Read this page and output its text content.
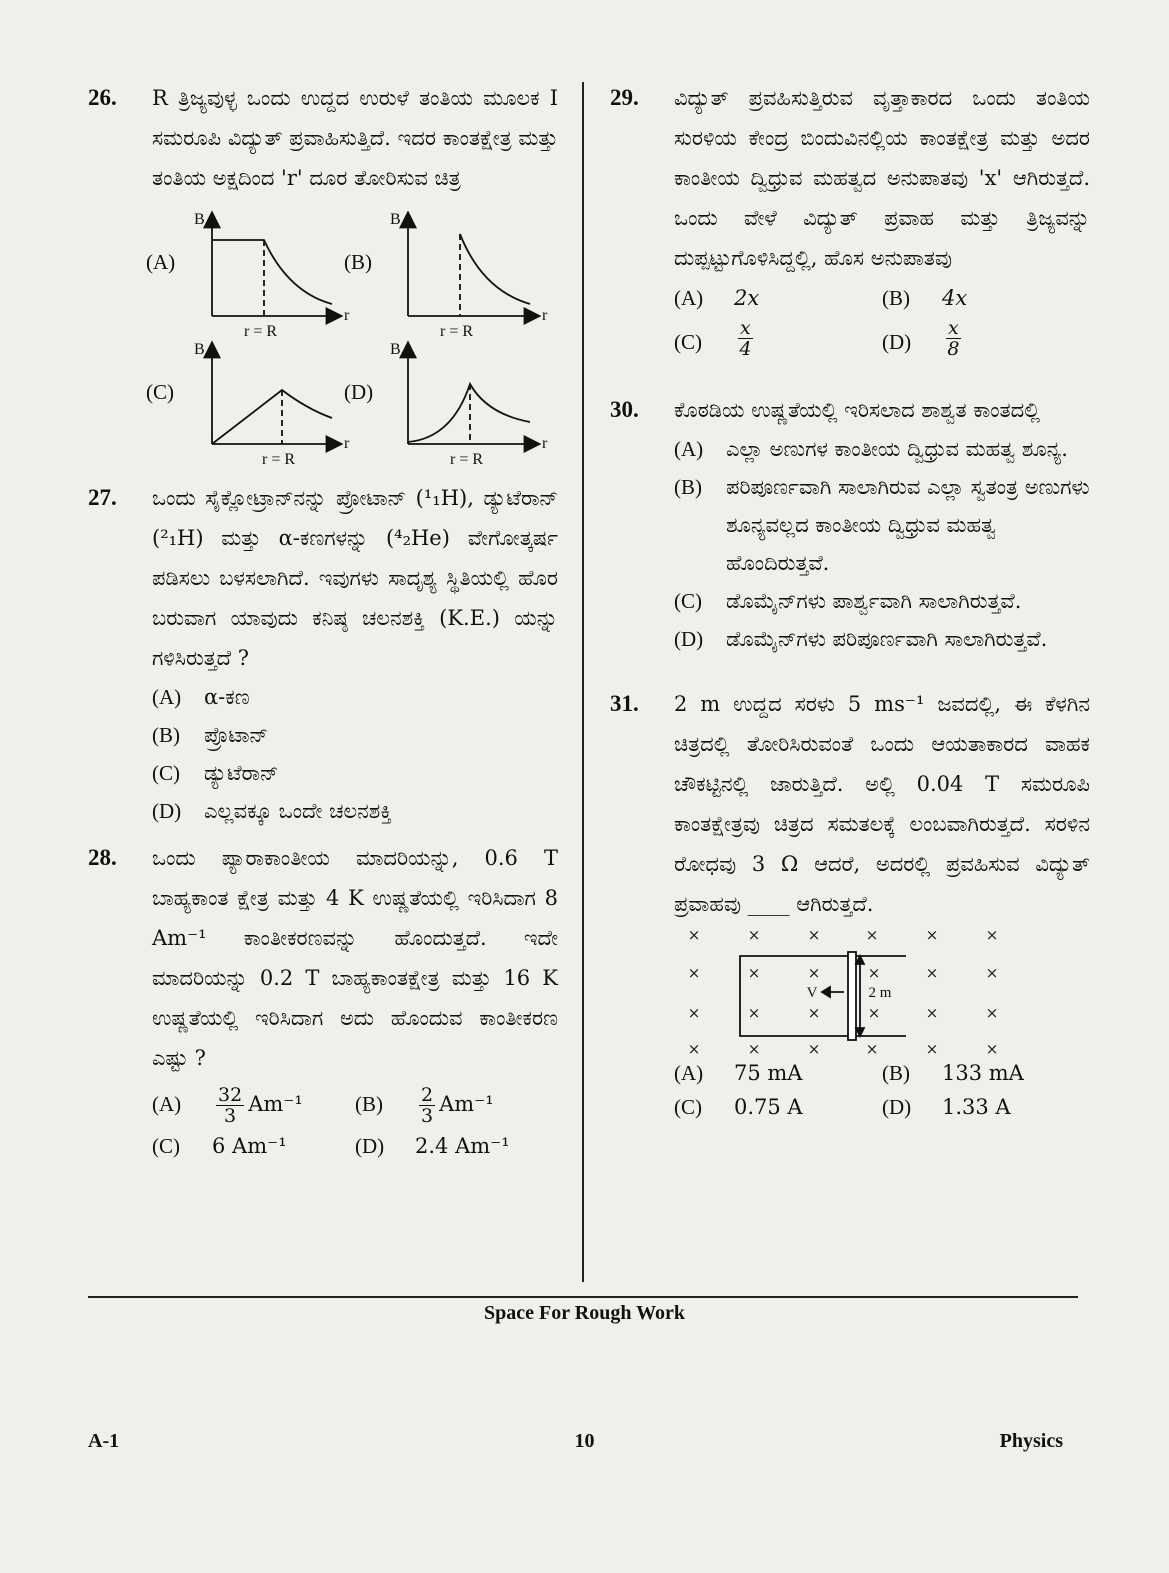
26. R ತ್ರಿಜ್ಯವುಳ್ಳ ಒಂದು ಉದ್ದದ ಉರುಳೆ ತಂತಿಯ ಮೂಲಕ I ಸಮರೂಪಿ ವಿದ್ಯುತ್ ಪ್ರವಾಹಿಸುತ್ತಿದೆ. ಇದರ ಕಾಂತಕ್ಷೇತ್ರ ಮತ್ತು ತಂತಿಯ ಅಕ್ಷದಿಂದ 'r' ದೂರ ತೋರಿಸುವ ಚಿತ್ರ
(A)	(B)
(C)	(D)
B	B
B	B
r	r
r	r
r = R	r = R
r = R	r = R
27. ಒಂದು ಸೈಕ್ಲೋಟ್ರಾನ್‌ನನ್ನು ಪ್ರೋಟಾನ್ (¹₁H), ಡ್ಯುಟೆರಾನ್ (²₁H) ಮತ್ತು α-ಕಣಗಳನ್ನು (⁴₂He) ವೇಗೋತ್ಕರ್ಷ ಪಡಿಸಲು ಬಳಸಲಾಗಿದೆ. ಇವುಗಳು ಸಾದೃಶ್ಯ ಸ್ಥಿತಿಯಲ್ಲಿ ಹೊರ ಬರುವಾಗ ಯಾವುದು ಕನಿಷ್ಠ ಚಲನಶಕ್ತಿ (K.E.) ಯನ್ನು ಗಳಿಸಿರುತ್ತದೆ ?
(A)	α-ಕಣ
(B)	ಪ್ರೊಟಾನ್
(C)	ಡ್ಯುಟೆರಾನ್
(D)	ಎಲ್ಲವಕ್ಕೂ ಒಂದೇ ಚಲನಶಕ್ತಿ
28. ಒಂದು ಪ್ಯಾರಾಕಾಂತೀಯ ಮಾದರಿಯನ್ನು, 0.6 T ಬಾಹ್ಯಕಾಂತ ಕ್ಷೇತ್ರ ಮತ್ತು 4 K ಉಷ್ಣತೆಯಲ್ಲಿ ಇರಿಸಿದಾಗ 8 Am⁻¹ ಕಾಂತೀಕರಣವನ್ನು ಹೊಂದುತ್ತದೆ. ಇದೇ ಮಾದರಿಯನ್ನು 0.2 T ಬಾಹ್ಯಕಾಂತಕ್ಷೇತ್ರ ಮತ್ತು 16 K ಉಷ್ಣತೆಯಲ್ಲಿ ಇರಿಸಿದಾಗ ಅದು ಹೊಂದುವ ಕಾಂತೀಕರಣ ಎಷ್ಟು ?
(A)	$\frac{32}{3} Am^{-1}$ (B)	$\frac{2}{3} Am^{-1}$
(C)	6 Am⁻¹	(D)	2.4 Am⁻¹
29. ವಿದ್ಯುತ್ ಪ್ರವಹಿಸುತ್ತಿರುವ ವೃತ್ತಾಕಾರದ ಒಂದು ತಂತಿಯ ಸುರಳಿಯ ಕೇಂದ್ರ ಬಿಂದುವಿನಲ್ಲಿಯ ಕಾಂತಕ್ಷೇತ್ರ ಮತ್ತು ಅದರ ಕಾಂತೀಯ ದ್ವಿಧ್ರುವ ಮಹತ್ವದ ಅನುಪಾತವು 'x' ಆಗಿರುತ್ತದೆ. ಒಂದು ವೇಳೆ ವಿದ್ಯುತ್ ಪ್ರವಾಹ ಮತ್ತು ತ್ರಿಜ್ಯವನ್ನು ದುಪ್ಪಟ್ಟುಗೊಳಿಸಿದ್ದಲ್ಲಿ, ಹೊಸ ಅನುಪಾತವು
(A)	2x	(B)	4x
(C)	$\frac{x}{4}$	(D)	$\frac{x}{8}$
30. ಕೊಠಡಿಯ ಉಷ್ಣತೆಯಲ್ಲಿ ಇರಿಸಲಾದ ಶಾಶ್ವತ ಕಾಂತದಲ್ಲಿ
(A)	ಎಲ್ಲಾ ಅಣುಗಳ ಕಾಂತೀಯ ದ್ವಿಧ್ರುವ ಮಹತ್ವ ಶೂನ್ಯ.
(B)	ಪರಿಪೂರ್ಣವಾಗಿ ಸಾಲಾಗಿರುವ ಎಲ್ಲಾ ಸ್ವತಂತ್ರ ಅಣುಗಳು ಶೂನ್ಯವಲ್ಲದ ಕಾಂತೀಯ ದ್ವಿಧ್ರುವ ಮಹತ್ವ ಹೊಂದಿರುತ್ತವೆ.
(C)	ಡೊಮೈನ್‌ಗಳು ಪಾರ್ಶ್ವವಾಗಿ ಸಾಲಾಗಿರುತ್ತವೆ.
(D)	ಡೊಮೈನ್‌ಗಳು ಪರಿಪೂರ್ಣವಾಗಿ ಸಾಲಾಗಿರುತ್ತವೆ.
31. 2 m ಉದ್ದದ ಸರಳು 5 ms⁻¹ ಜವದಲ್ಲಿ, ಈ ಕೆಳಗಿನ ಚಿತ್ರದಲ್ಲಿ ತೋರಿಸಿರುವಂತೆ ಒಂದು ಆಯತಾಕಾರದ ವಾಹಕ ಚೌಕಟ್ಟಿನಲ್ಲಿ ಜಾರುತ್ತಿದೆ. ಅಲ್ಲಿ 0.04 T ಸಮರೂಪಿ ಕಾಂತಕ್ಷೇತ್ರವು ಚಿತ್ರದ ಸಮತಲಕ್ಕೆ ಲಂಬವಾಗಿರುತ್ತದೆ. ಸರಳಿನ ರೋಧವು 3 Ω ಆದರೆ, ಅದರಲ್ಲಿ ಪ್ರವಹಿಸುವ ವಿದ್ಯುತ್ ಪ್ರವಾಹವು ____ ಆಗಿರುತ್ತದೆ.
×	×	×	×	×	×
×	×	×	×	×	×
×	×	×	×	×	×
×	×	×	×	×	×
V	2 m
(A)	75 mA	(B)	133 mA
(C)	0.75 A	(D)	1.33 A
Space For Rough Work
A-1	10	Physics
